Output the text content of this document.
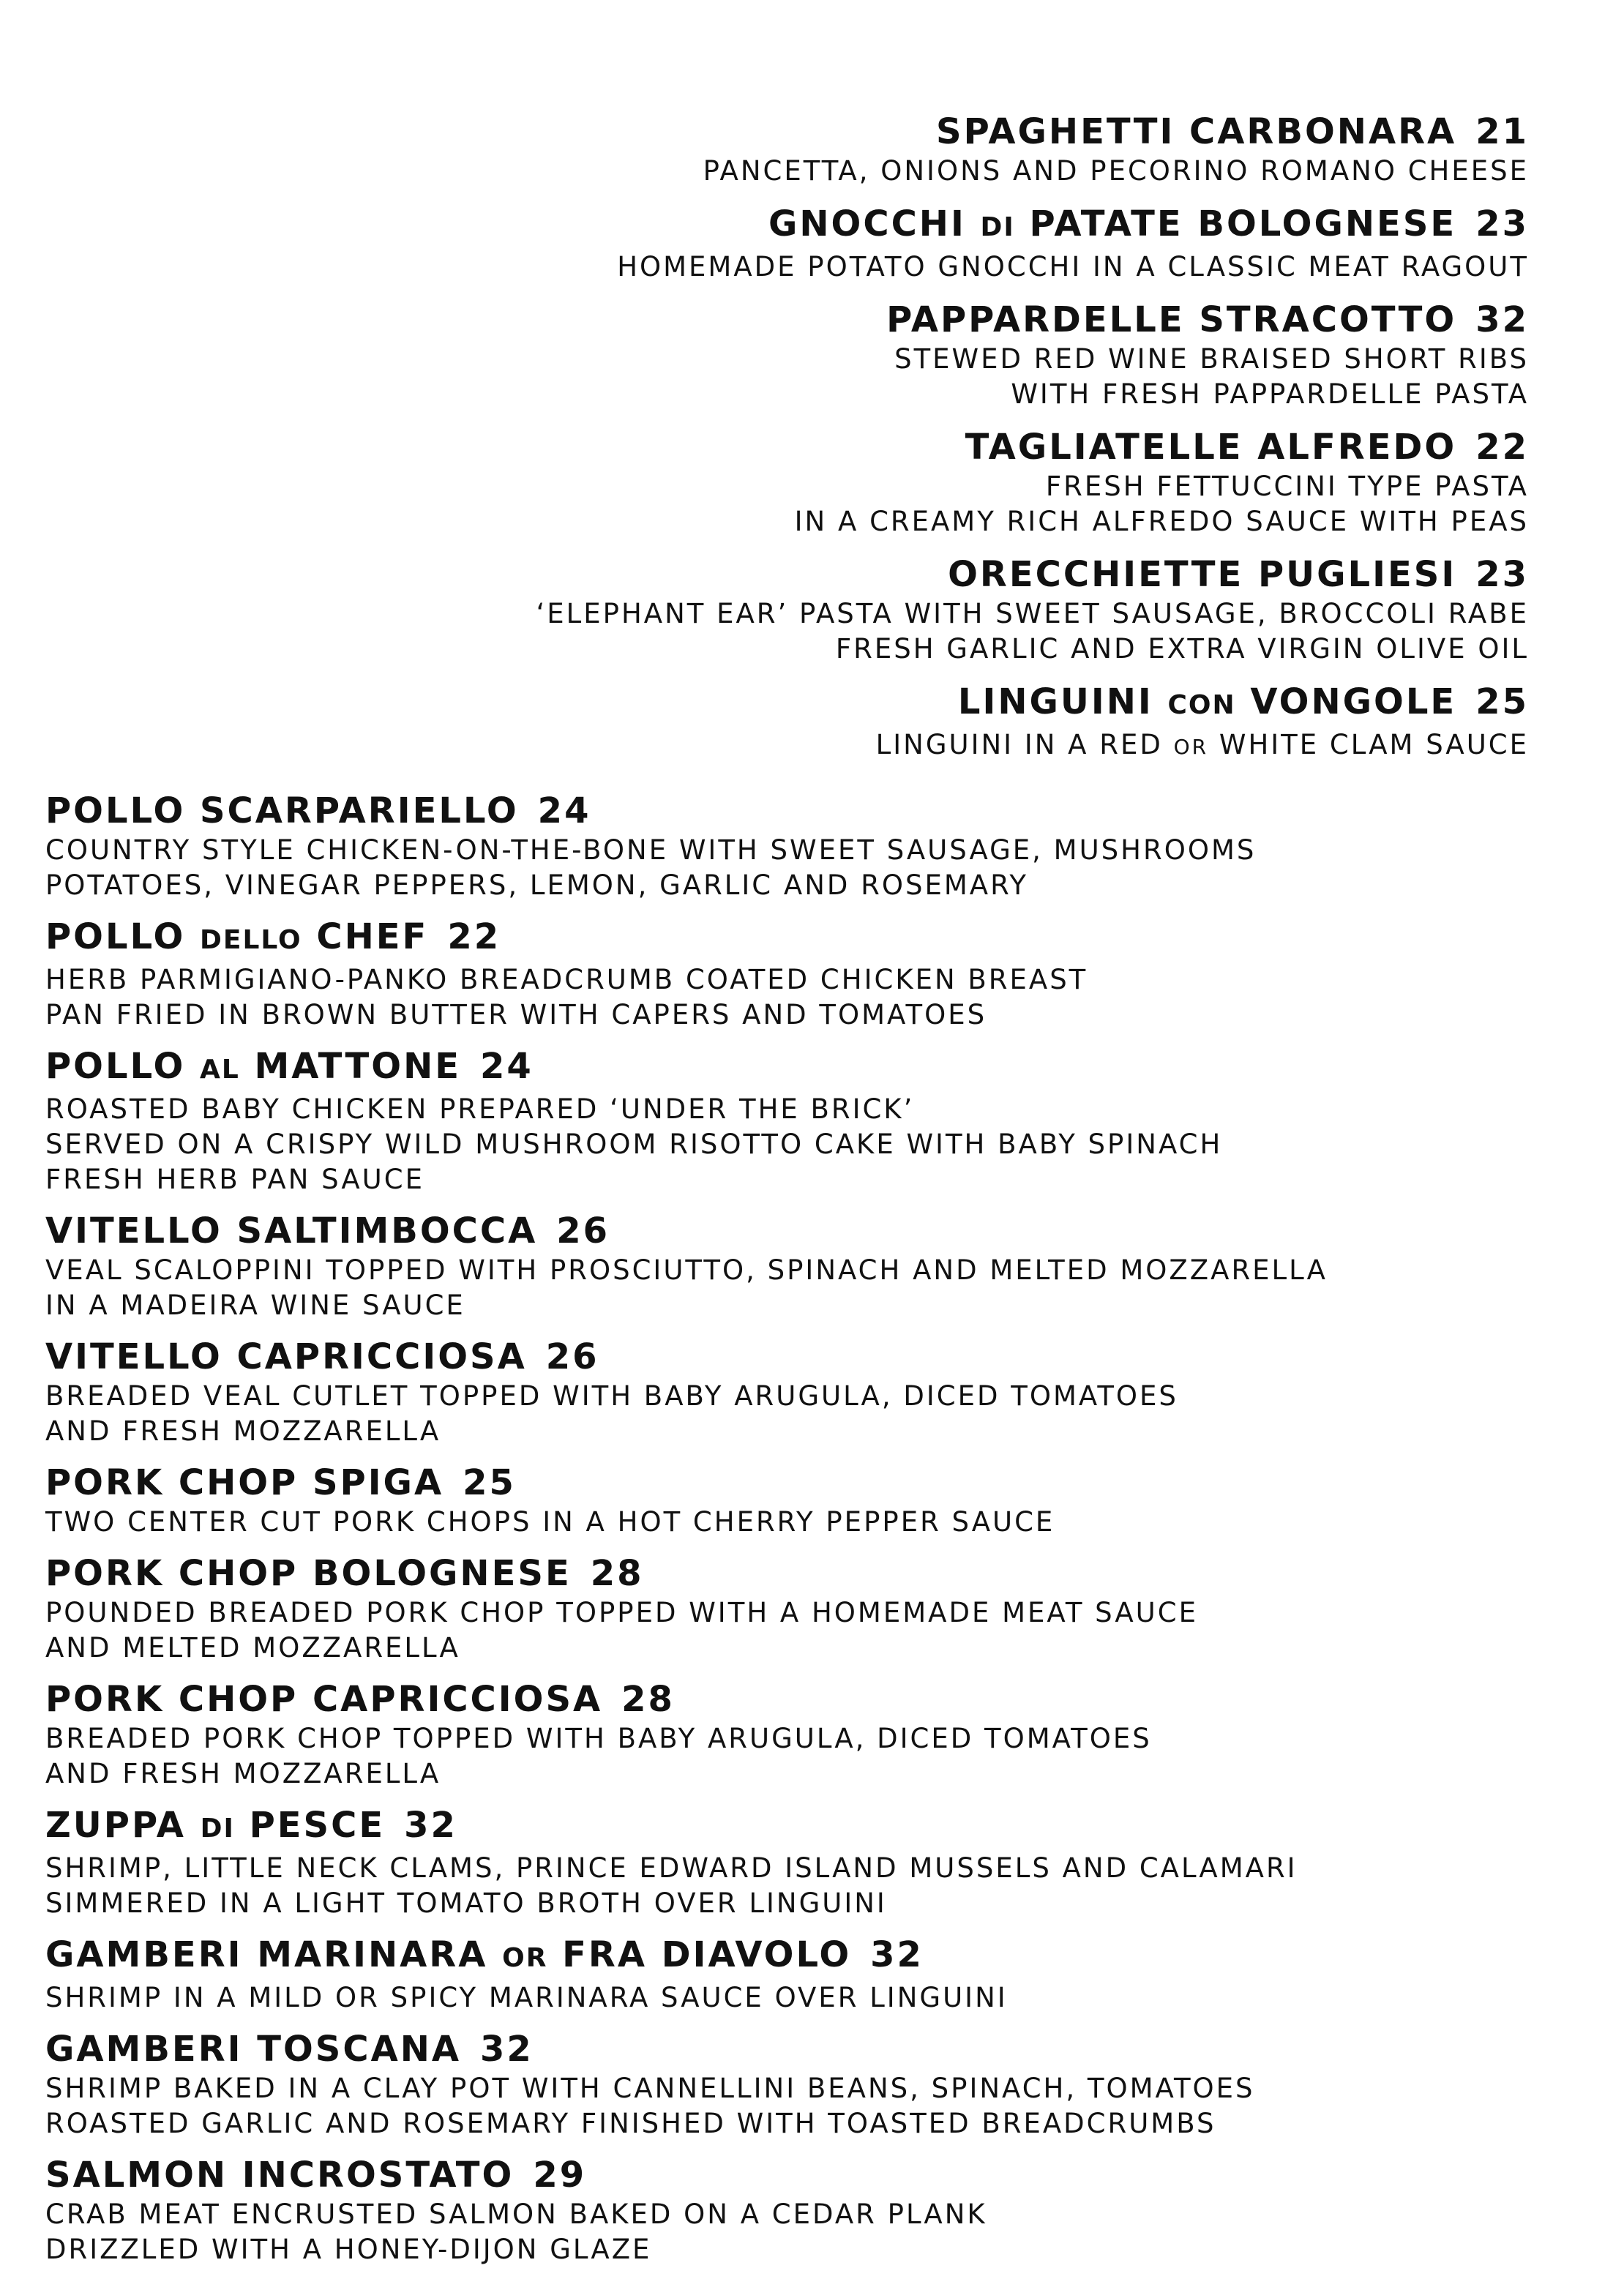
SPAGHETTI CARBONARA 21
PANCETTA, ONIONS AND PECORINO ROMANO CHEESE
GNOCCHI DI PATATE BOLOGNESE 23
HOMEMADE POTATO GNOCCHI IN A CLASSIC MEAT RAGOUT
PAPPARDELLE STRACOTTO 32
STEWED RED WINE BRAISED SHORT RIBS
WITH FRESH PAPPARDELLE PASTA
TAGLIATELLE ALFREDO 22
FRESH FETTUCCINI TYPE PASTA
IN A CREAMY RICH ALFREDO SAUCE WITH PEAS
ORECCHIETTE PUGLIESI 23
‘ELEPHANT EAR’ PASTA WITH SWEET SAUSAGE, BROCCOLI RABE
FRESH GARLIC AND EXTRA VIRGIN OLIVE OIL
LINGUINI CON VONGOLE 25
LINGUINI IN A RED OR WHITE CLAM SAUCE
POLLO SCARPARIELLO 24
COUNTRY STYLE CHICKEN-ON-THE-BONE WITH SWEET SAUSAGE, MUSHROOMS
POTATOES, VINEGAR PEPPERS, LEMON, GARLIC AND ROSEMARY
POLLO DELLO CHEF 22
HERB PARMIGIANO-PANKO BREADCRUMB COATED CHICKEN BREAST
PAN FRIED IN BROWN BUTTER WITH CAPERS AND TOMATOES
POLLO AL MATTONE 24
ROASTED BABY CHICKEN PREPARED ‘UNDER THE BRICK’
SERVED ON A CRISPY WILD MUSHROOM RISOTTO CAKE WITH BABY SPINACH
FRESH HERB PAN SAUCE
VITELLO SALTIMBOCCA 26
VEAL SCALOPPINI TOPPED WITH PROSCIUTTO, SPINACH AND MELTED MOZZARELLA
IN A MADEIRA WINE SAUCE
VITELLO CAPRICCIOSA 26
BREADED VEAL CUTLET TOPPED WITH BABY ARUGULA, DICED TOMATOES
AND FRESH MOZZARELLA
PORK CHOP SPIGA 25
TWO CENTER CUT PORK CHOPS IN A HOT CHERRY PEPPER SAUCE
PORK CHOP BOLOGNESE 28
POUNDED BREADED PORK CHOP TOPPED WITH A HOMEMADE MEAT SAUCE
AND MELTED MOZZARELLA
PORK CHOP CAPRICCIOSA 28
BREADED PORK CHOP TOPPED WITH BABY ARUGULA, DICED TOMATOES
AND FRESH MOZZARELLA
ZUPPA DI PESCE 32
SHRIMP, LITTLE NECK CLAMS, PRINCE EDWARD ISLAND MUSSELS AND CALAMARI
SIMMERED IN A LIGHT TOMATO BROTH OVER LINGUINI
GAMBERI MARINARA OR FRA DIAVOLO 32
SHRIMP IN A MILD OR SPICY MARINARA SAUCE OVER LINGUINI
GAMBERI TOSCANA 32
SHRIMP BAKED IN A CLAY POT WITH CANNELLINI BEANS, SPINACH, TOMATOES
ROASTED GARLIC AND ROSEMARY FINISHED WITH TOASTED BREADCRUMBS
SALMON INCROSTATO 29
CRAB MEAT ENCRUSTED SALMON BAKED ON A CEDAR PLANK
DRIZZLED WITH A HONEY-DIJON GLAZE
